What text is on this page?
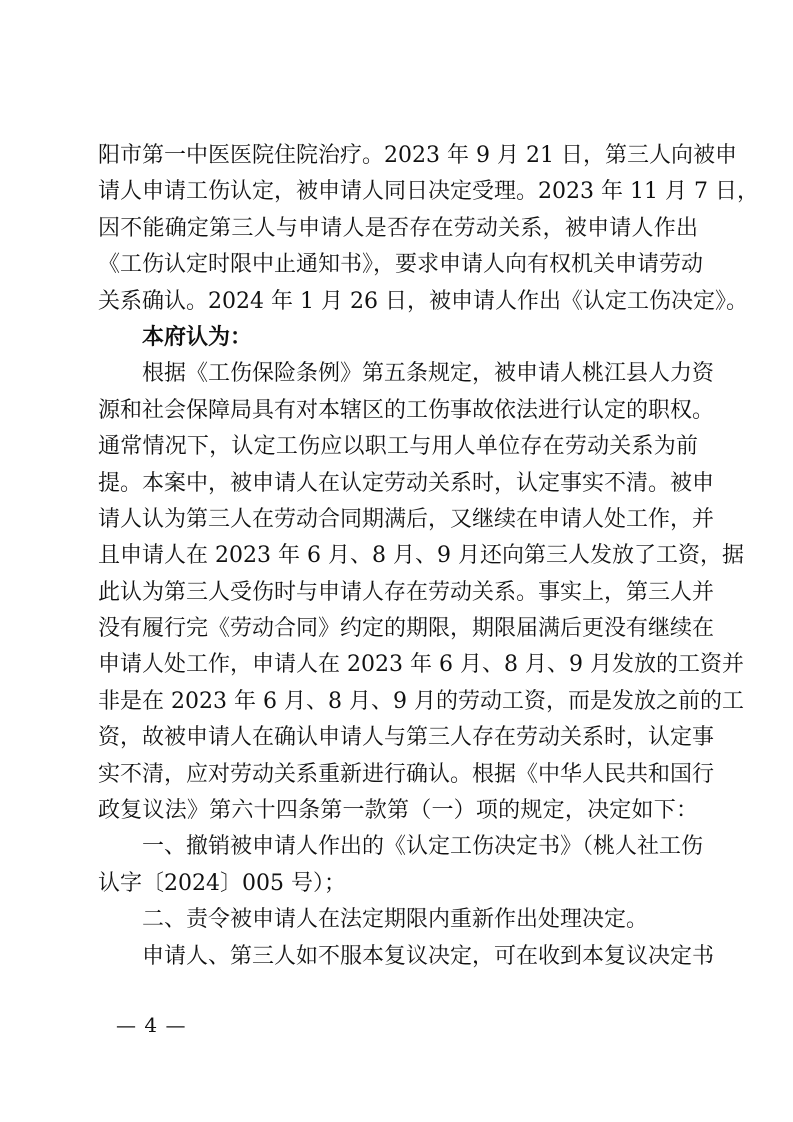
阳市第一中医医院住院治疗。2023 年 9 月 21 日，第三人向被申
请人申请工伤认定，被申请人同日决定受理。2023 年 11 月 7 日，
因不能确定第三人与申请人是否存在劳动关系，被申请人作出
《工伤认定时限中止通知书》，要求申请人向有权机关申请劳动
关系确认。2024 年 1 月 26 日，被申请人作出《认定工伤决定》。
本府认为：
根据《工伤保险条例》第五条规定，被申请人桃江县人力资
源和社会保障局具有对本辖区的工伤事故依法进行认定的职权。
通常情况下，认定工伤应以职工与用人单位存在劳动关系为前
提。本案中，被申请人在认定劳动关系时，认定事实不清。被申
请人认为第三人在劳动合同期满后，又继续在申请人处工作，并
且申请人在 2023 年 6 月、8 月、9 月还向第三人发放了工资，据
此认为第三人受伤时与申请人存在劳动关系。事实上，第三人并
没有履行完《劳动合同》约定的期限，期限届满后更没有继续在
申请人处工作，申请人在 2023 年 6 月、8 月、9 月发放的工资并
非是在 2023 年 6 月、8 月、9 月的劳动工资，而是发放之前的工
资，故被申请人在确认申请人与第三人存在劳动关系时，认定事
实不清，应对劳动关系重新进行确认。根据《中华人民共和国行
政复议法》第六十四条第一款第（一）项的规定，决定如下：
一、撤销被申请人作出的《认定工伤决定书》（桃人社工伤
认字〔2024〕005 号）；
二、责令被申请人在法定期限内重新作出处理决定。
申请人、第三人如不服本复议决定，可在收到本复议决定书
— 4 —
